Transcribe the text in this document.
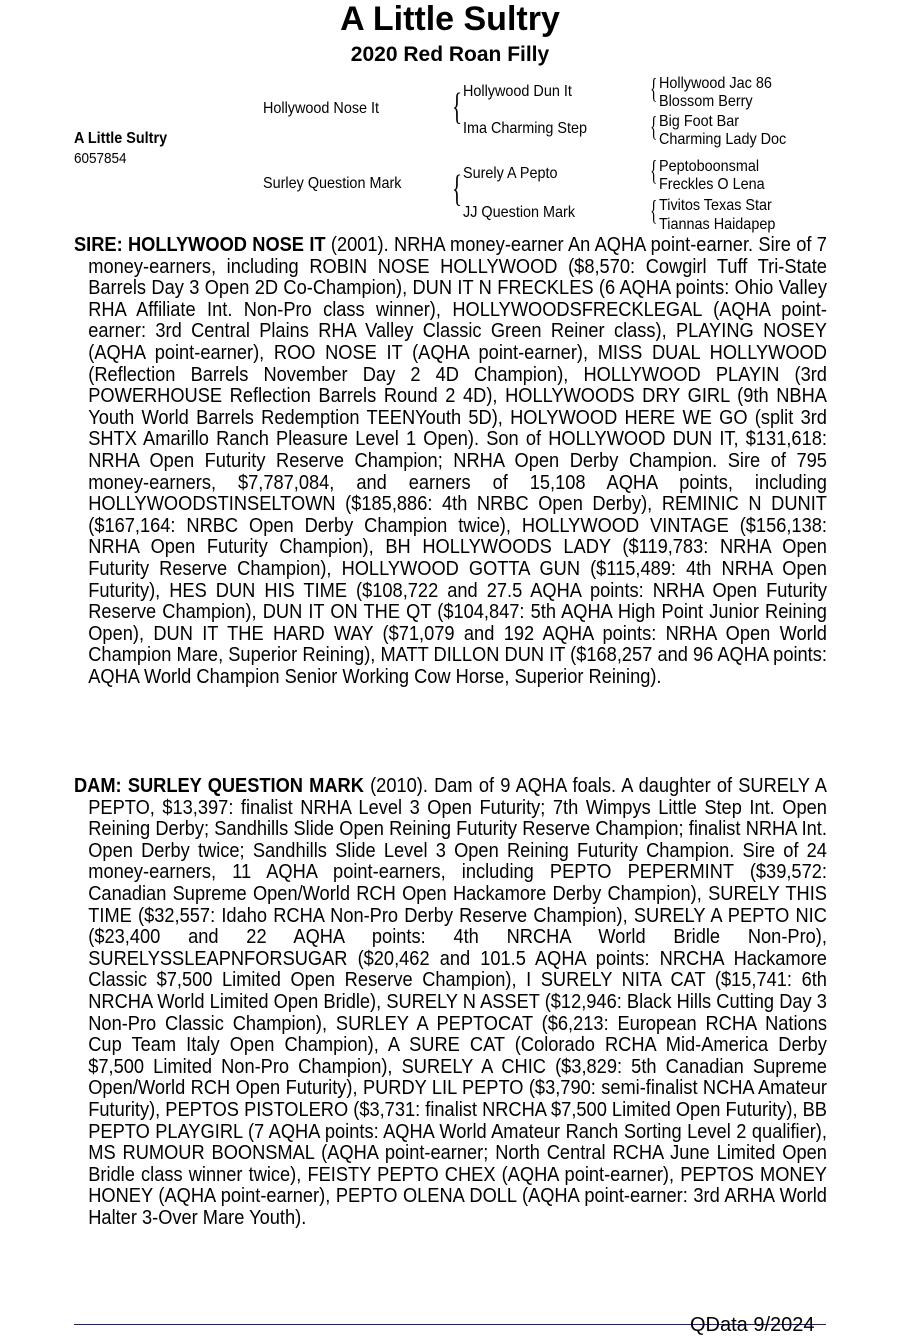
A Little Sultry
2020 Red Roan Filly
A Little Sultry
6057854
Hollywood Nose It
Surley Question Mark
{ Hollywood Dun It
Ima Charming Step
{ Surely A Pepto
JJ Question Mark
{ Hollywood Jac 86
Blossom Berry
{ Big Foot Bar
Charming Lady Doc
{ Peptoboonsmal
Freckles O Lena
{ Tivitos Texas Star
Tiannas Haidapep

SIRE: HOLLYWOOD NOSE IT (2001). NRHA money-earner An AQHA point-earner. Sire of 7 money-earners, including ROBIN NOSE HOLLYWOOD ($8,570: Cowgirl Tuff Tri-State Barrels Day 3 Open 2D Co-Champion), DUN IT N FRECKLES (6 AQHA points: Ohio Valley RHA Affiliate Int. Non-Pro class winner), HOLLYWOODSFRECKLEGAL (AQHA point-earner: 3rd Central Plains RHA Valley Classic Green Reiner class), PLAYING NOSEY (AQHA point-earner), ROO NOSE IT (AQHA point-earner), MISS DUAL HOLLYWOOD (Reflection Barrels November Day 2 4D Champion), HOLLYWOOD PLAYIN (3rd POWERHOUSE Reflection Barrels Round 2 4D), HOLLYWOODS DRY GIRL (9th NBHA Youth World Barrels Redemption TEENYouth 5D), HOLYWOOD HERE WE GO (split 3rd SHTX Amarillo Ranch Pleasure Level 1 Open). Son of HOLLYWOOD DUN IT, $131,618: NRHA Open Futurity Reserve Champion; NRHA Open Derby Champion. Sire of 795 money-earners, $7,787,084, and earners of 15,108 AQHA points, including HOLLYWOODSTINSELTOWN ($185,886: 4th NRBC Open Derby), REMINIC N DUNIT ($167,164: NRBC Open Derby Champion twice), HOLLYWOOD VINTAGE ($156,138: NRHA Open Futurity Champion), BH HOLLYWOODS LADY ($119,783: NRHA Open Futurity Reserve Champion), HOLLYWOOD GOTTA GUN ($115,489: 4th NRHA Open Futurity), HES DUN HIS TIME ($108,722 and 27.5 AQHA points: NRHA Open Futurity Reserve Champion), DUN IT ON THE QT ($104,847: 5th AQHA High Point Junior Reining Open), DUN IT THE HARD WAY ($71,079 and 192 AQHA points: NRHA Open World Champion Mare, Superior Reining), MATT DILLON DUN IT ($168,257 and 96 AQHA points: AQHA World Champion Senior Working Cow Horse, Superior Reining).

DAM: SURLEY QUESTION MARK (2010). Dam of 9 AQHA foals. A daughter of SURELY A PEPTO, $13,397: finalist NRHA Level 3 Open Futurity; 7th Wimpys Little Step Int. Open Reining Derby; Sandhills Slide Open Reining Futurity Reserve Champion; finalist NRHA Int. Open Derby twice; Sandhills Slide Level 3 Open Reining Futurity Champion. Sire of 24 money-earners, 11 AQHA point-earners, including PEPTO PEPERMINT ($39,572: Canadian Supreme Open/World RCH Open Hackamore Derby Champion), SURELY THIS TIME ($32,557: Idaho RCHA Non-Pro Derby Reserve Champion), SURELY A PEPTO NIC ($23,400 and 22 AQHA points: 4th NRCHA World Bridle Non-Pro), SURELYSSLEAPNFORSUGAR ($20,462 and 101.5 AQHA points: NRCHA Hackamore Classic $7,500 Limited Open Reserve Champion), I SURELY NITA CAT ($15,741: 6th NRCHA World Limited Open Bridle), SURELY N ASSET ($12,946: Black Hills Cutting Day 3 Non-Pro Classic Champion), SURLEY A PEPTOCAT ($6,213: European RCHA Nations Cup Team Italy Open Champion), A SURE CAT (Colorado RCHA Mid-America Derby $7,500 Limited Non-Pro Champion), SURELY A CHIC ($3,829: 5th Canadian Supreme Open/World RCH Open Futurity), PURDY LIL PEPTO ($3,790: semi-finalist NCHA Amateur Futurity), PEPTOS PISTOLERO ($3,731: finalist NRCHA $7,500 Limited Open Futurity), BB PEPTO PLAYGIRL (7 AQHA points: AQHA World Amateur Ranch Sorting Level 2 qualifier), MS RUMOUR BOONSMAL (AQHA point-earner; North Central RCHA June Limited Open Bridle class winner twice), FEISTY PEPTO CHEX (AQHA point-earner), PEPTOS MONEY HONEY (AQHA point-earner), PEPTO OLENA DOLL (AQHA point-earner: 3rd ARHA World Halter 3-Over Mare Youth).

QData 9/2024
